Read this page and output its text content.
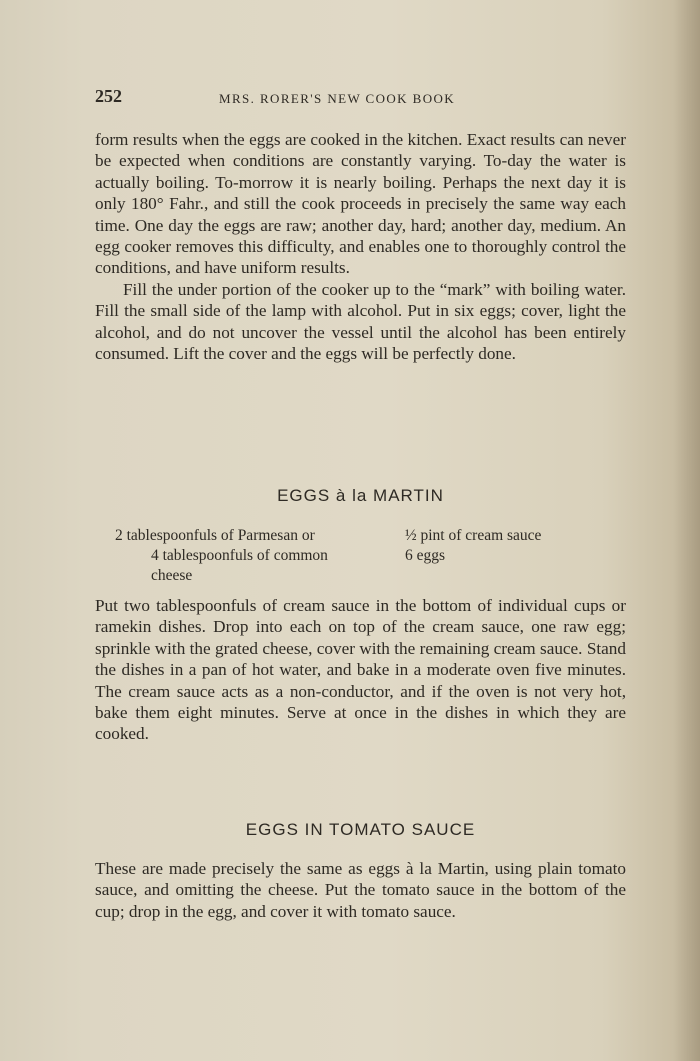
252	MRS. RORER'S NEW COOK BOOK

form results when the eggs are cooked in the kitchen. Exact results can never be expected when conditions are constantly varying. To-day the water is actually boiling. To-morrow it is nearly boiling. Perhaps the next day it is only 180° Fahr., and still the cook proceeds in precisely the same way each time. One day the eggs are raw; another day, hard; another day, medium. An egg cooker removes this difficulty, and enables one to thoroughly control the conditions, and have uniform results.

Fill the under portion of the cooker up to the “mark” with boiling water. Fill the small side of the lamp with alcohol. Put in six eggs; cover, light the alcohol, and do not uncover the vessel until the alcohol has been entirely consumed. Lift the cover and the eggs will be perfectly done.

EGGS à la MARTIN
2 tablespoonfuls of Parmesan or
4 tablespoonfuls of common
cheese
½ pint of cream sauce
6 eggs

Put two tablespoonfuls of cream sauce in the bottom of individual cups or ramekin dishes. Drop into each on top of the cream sauce, one raw egg; sprinkle with the grated cheese, cover with the remaining cream sauce. Stand the dishes in a pan of hot water, and bake in a moderate oven five minutes. The cream sauce acts as a non-conductor, and if the oven is not very hot, bake them eight minutes. Serve at once in the dishes in which they are cooked.

EGGS IN TOMATO SAUCE

These are made precisely the same as eggs à la Martin, using plain tomato sauce, and omitting the cheese. Put the tomato sauce in the bottom of the cup; drop in the egg, and cover it with tomato sauce.
